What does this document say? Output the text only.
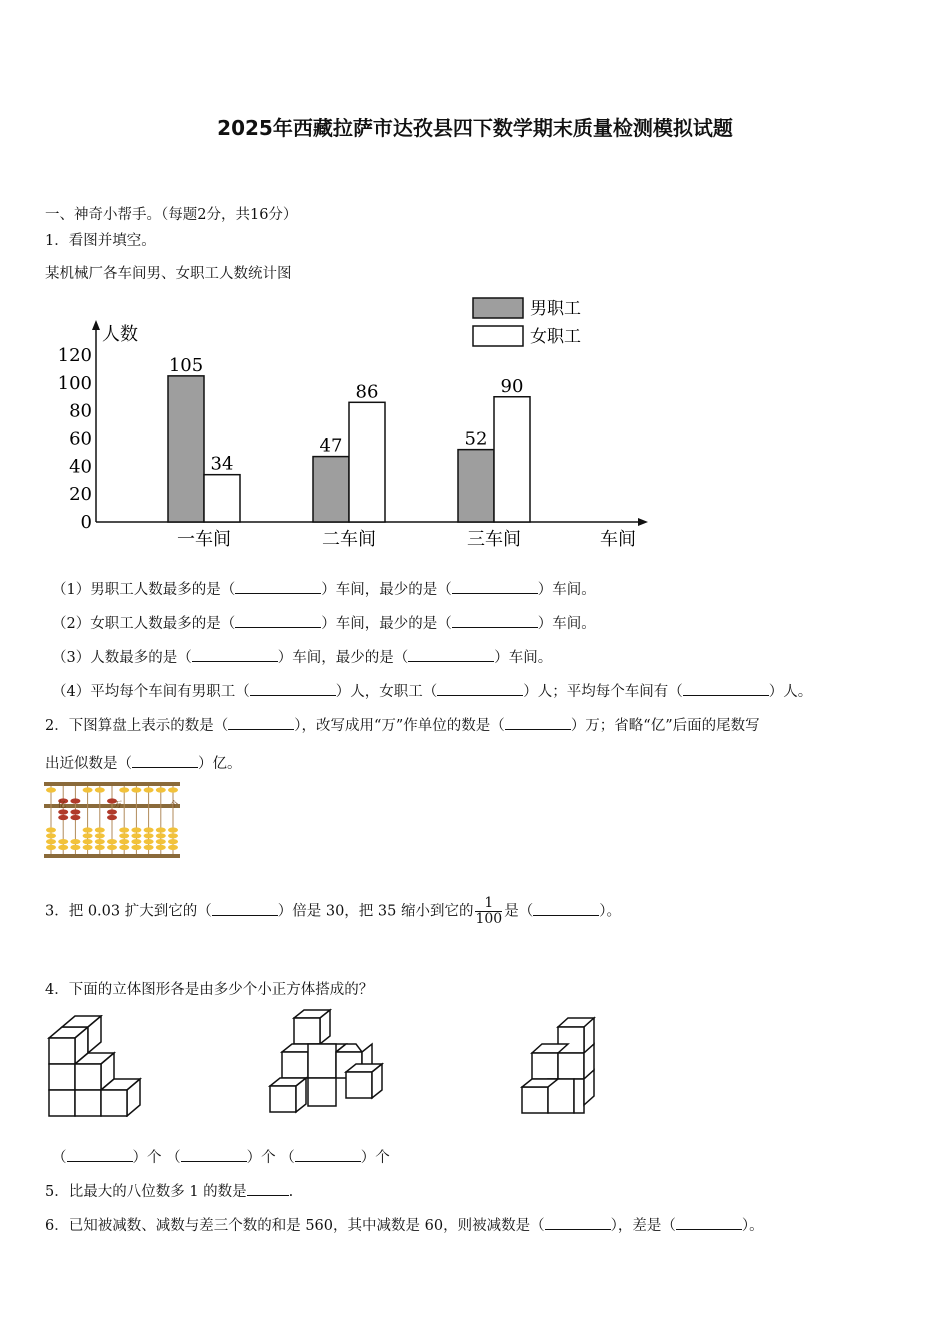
2025年西藏拉萨市达孜县四下数学期末质量检测模拟试题
一、神奇小帮手。（每题2分，共16分）
1．看图并填空。
某机械厂各车间男、女职工人数统计图
男职工
女职工
人数
车间
0
20
40
60
80
100
120	105
34
一车间
47
86
二车间
52
90
三车间
（1）男职工人数最多的是（	）车间，最少的是（	）车间。
（2）女职工人数最多的是（	）车间，最少的是（	）车间。
（3）人数最多的是（	）车间，最少的是（	）车间。
（4）平均每个车间有男职工（	）人，女职工（	）人；平均每个车间有（	）人。
2．下图算盘上表示的数是（	），改写成用“万”作单位的数是（	）万；省略“亿”后面的尾数写
出近似数是（	）亿。
亿	万	个
3．把 0.03 扩大到它的（	）倍是 30，把 35 缩小到它的 $\frac{1}{100}$ 是（	）。
4．下面的立体图形各是由多少个小正方体搭成的？
（	）个 （	）个 （	）个
5．比最大的八位数多 1 的数是	.
6．已知被减数、减数与差三个数的和是 560，其中减数是 60，则被减数是（	），差是（	）。
